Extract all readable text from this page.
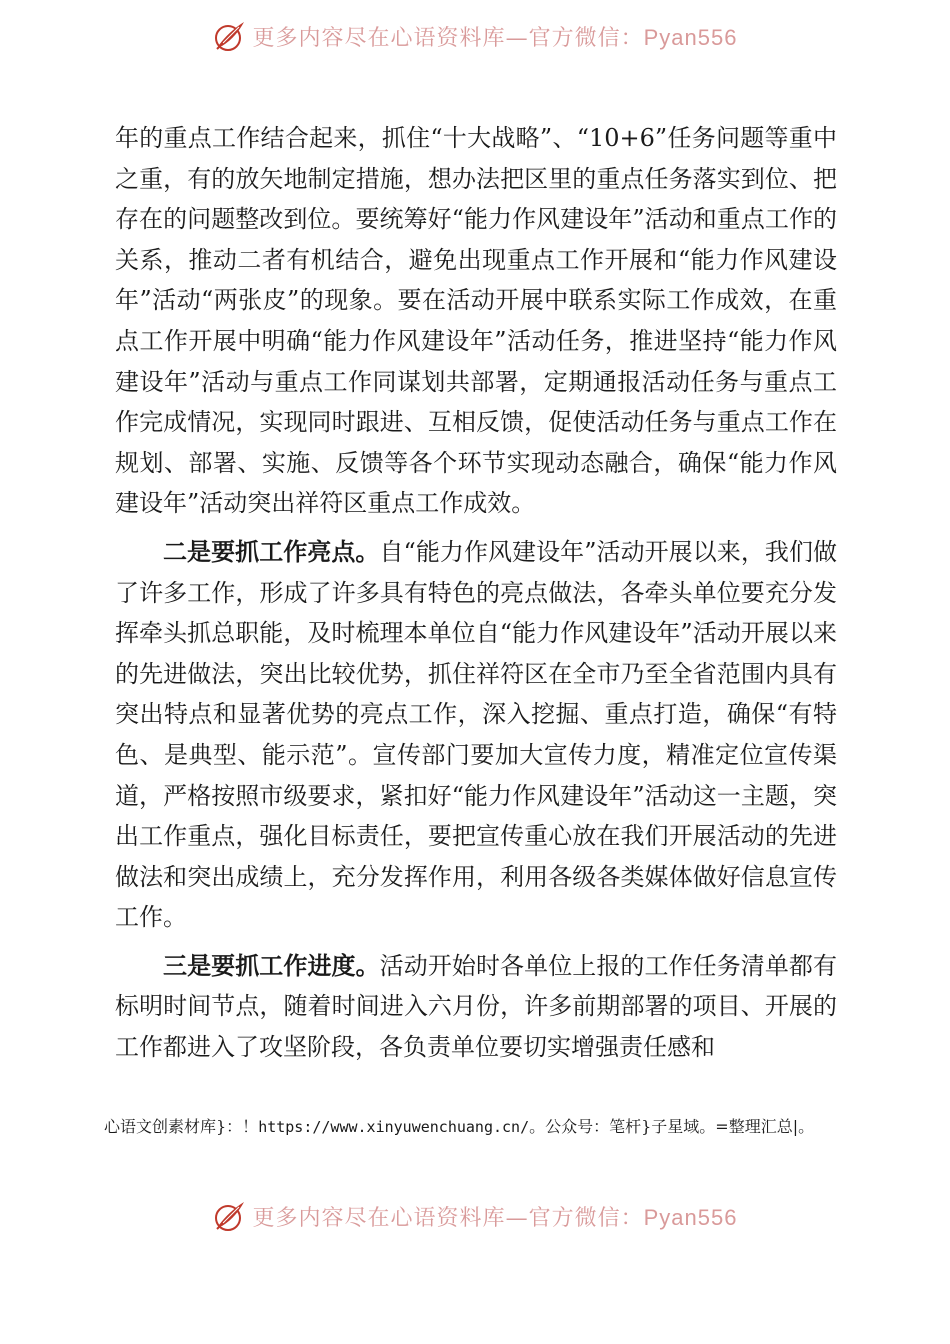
更多内容尽在心语资料库—官方微信：Pyan556

年的重点工作结合起来，抓住“十大战略”、“10+6”任务问题等重中之重，有的放矢地制定措施，想办法把区里的重点任务落实到位、把存在的问题整改到位。要统筹好“能力作风建设年”活动和重点工作的关系，推动二者有机结合，避免出现重点工作开展和“能力作风建设年”活动“两张皮”的现象。要在活动开展中联系实际工作成效，在重点工作开展中明确“能力作风建设年”活动任务，推进坚持“能力作风建设年”活动与重点工作同谋划共部署，定期通报活动任务与重点工作完成情况，实现同时跟进、互相反馈，促使活动任务与重点工作在规划、部署、实施、反馈等各个环节实现动态融合，确保“能力作风建设年”活动突出祥符区重点工作成效。

二是要抓工作亮点。自“能力作风建设年”活动开展以来，我们做了许多工作，形成了许多具有特色的亮点做法，各牵头单位要充分发挥牵头抓总职能，及时梳理本单位自“能力作风建设年”活动开展以来的先进做法，突出比较优势，抓住祥符区在全市乃至全省范围内具有突出特点和显著优势的亮点工作，深入挖掘、重点打造，确保“有特色、是典型、能示范”。宣传部门要加大宣传力度，精准定位宣传渠道，严格按照市级要求，紧扣好“能力作风建设年”活动这一主题，突出工作重点，强化目标责任，要把宣传重心放在我们开展活动的先进做法和突出成绩上，充分发挥作用，利用各级各类媒体做好信息宣传工作。

三是要抓工作进度。活动开始时各单位上报的工作任务清单都有标明时间节点，随着时间进入六月份，许多前期部署的项目、开展的工作都进入了攻坚阶段，各负责单位要切实增强责任感和

心语文创素材库}：！https://www.xinyuwenchuang.cn/。公众号：笔杆}子星域。=整理汇总|。
更多内容尽在心语资料库—官方微信：Pyan556
